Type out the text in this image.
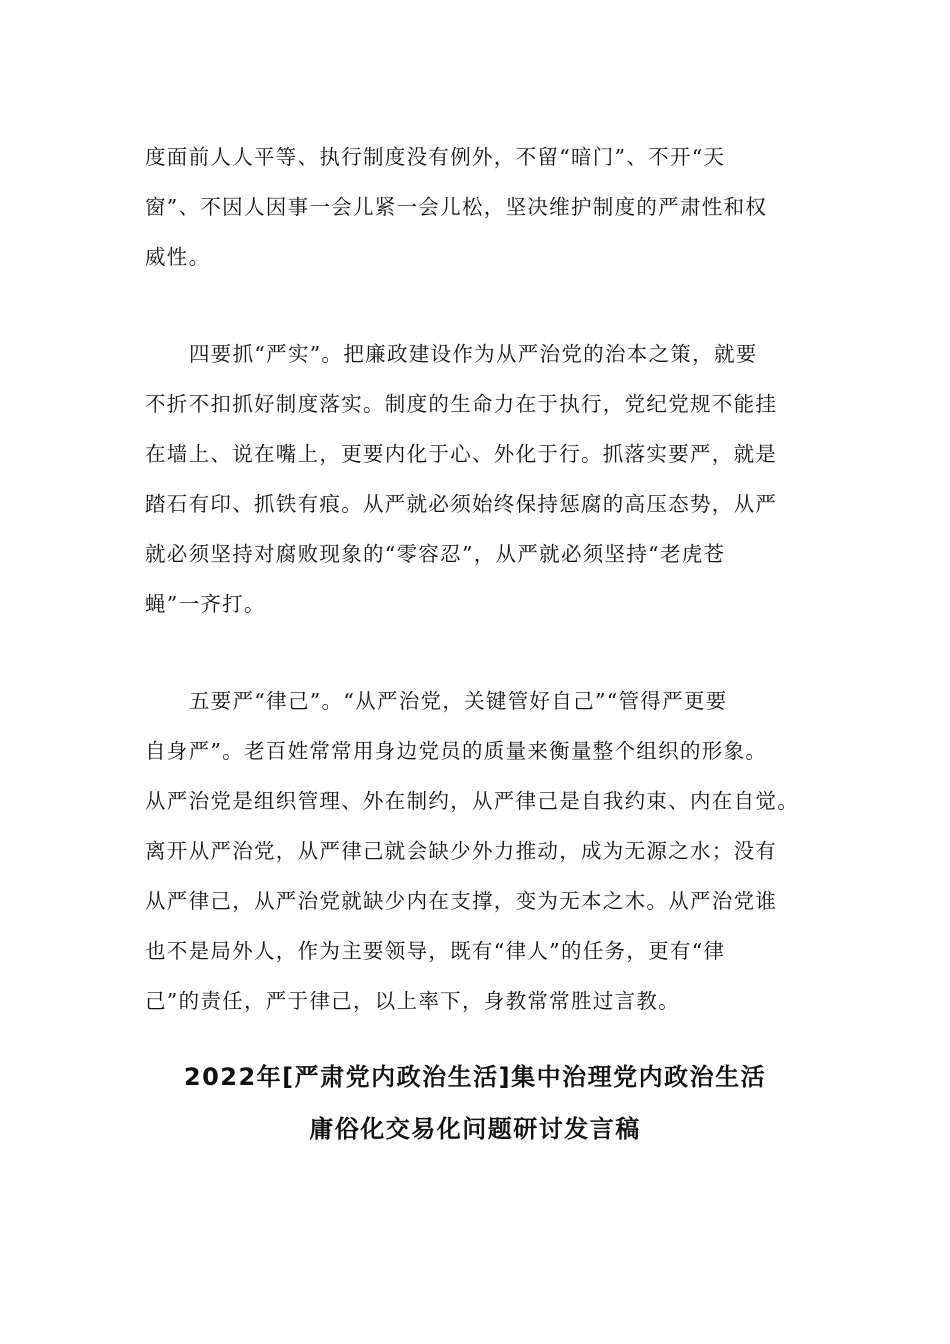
度面前人人平等、执行制度没有例外，不留“暗门”、不开“天
窗”、不因人因事一会儿紧一会儿松，坚决维护制度的严肃性和权
威性。
四要抓“严实”。把廉政建设作为从严治党的治本之策，就要
不折不扣抓好制度落实。制度的生命力在于执行，党纪党规不能挂
在墙上、说在嘴上，更要内化于心、外化于行。抓落实要严，就是
踏石有印、抓铁有痕。从严就必须始终保持惩腐的高压态势，从严
就必须坚持对腐败现象的“零容忍”，从严就必须坚持“老虎苍
蝇”一齐打。
五要严“律己”。“从严治党，关键管好自己”“管得严更要
自身严”。老百姓常常用身边党员的质量来衡量整个组织的形象。
从严治党是组织管理、外在制约，从严律己是自我约束、内在自觉。
离开从严治党，从严律己就会缺少外力推动，成为无源之水；没有
从严律己，从严治党就缺少内在支撑，变为无本之木。从严治党谁
也不是局外人，作为主要领导，既有“律人”的任务，更有“律
己”的责任，严于律己，以上率下，身教常常胜过言教。
2022年[严肃党内政治生活]集中治理党内政治生活
庸俗化交易化问题研讨发言稿
